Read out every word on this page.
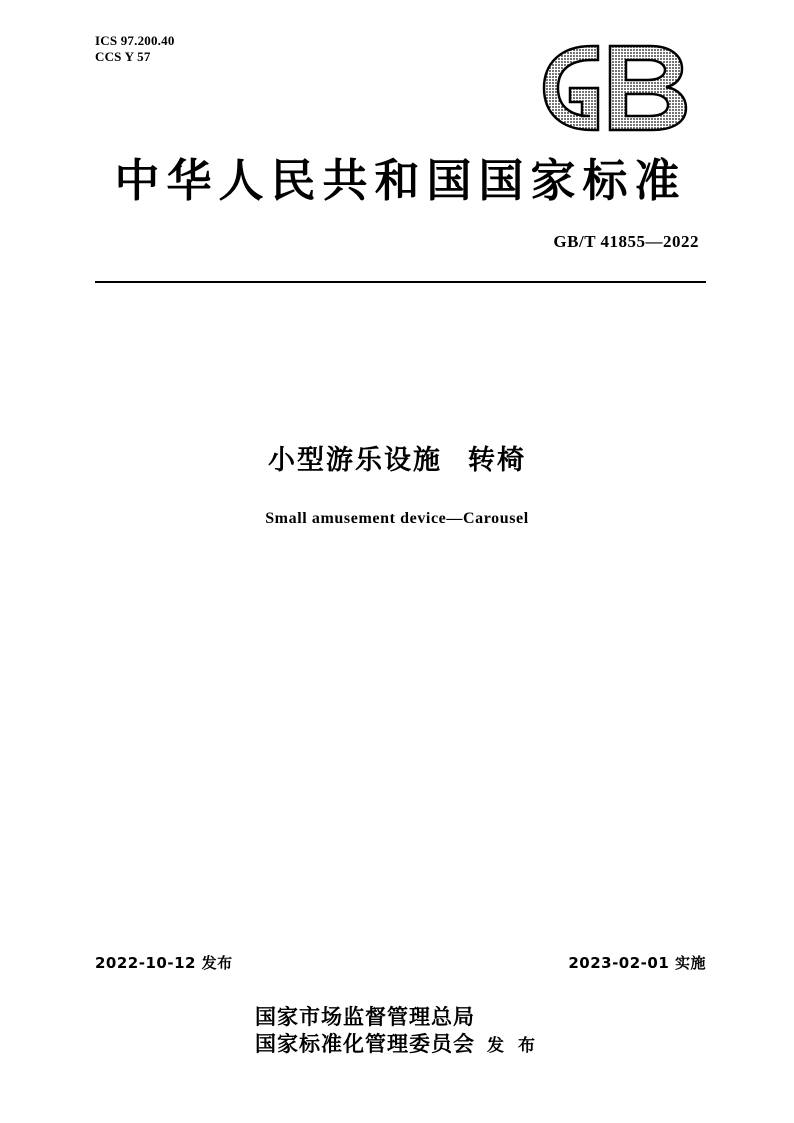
ICS 97.200.40
CCS Y 57
中华人民共和国国家标准
GB/T 41855—2022
小型游乐设施 转椅
Small amusement device—Carousel
2022-10-12 发布	2023-02-01 实施
国家市场监督管理总局
国家标准化管理委员会 发 布
